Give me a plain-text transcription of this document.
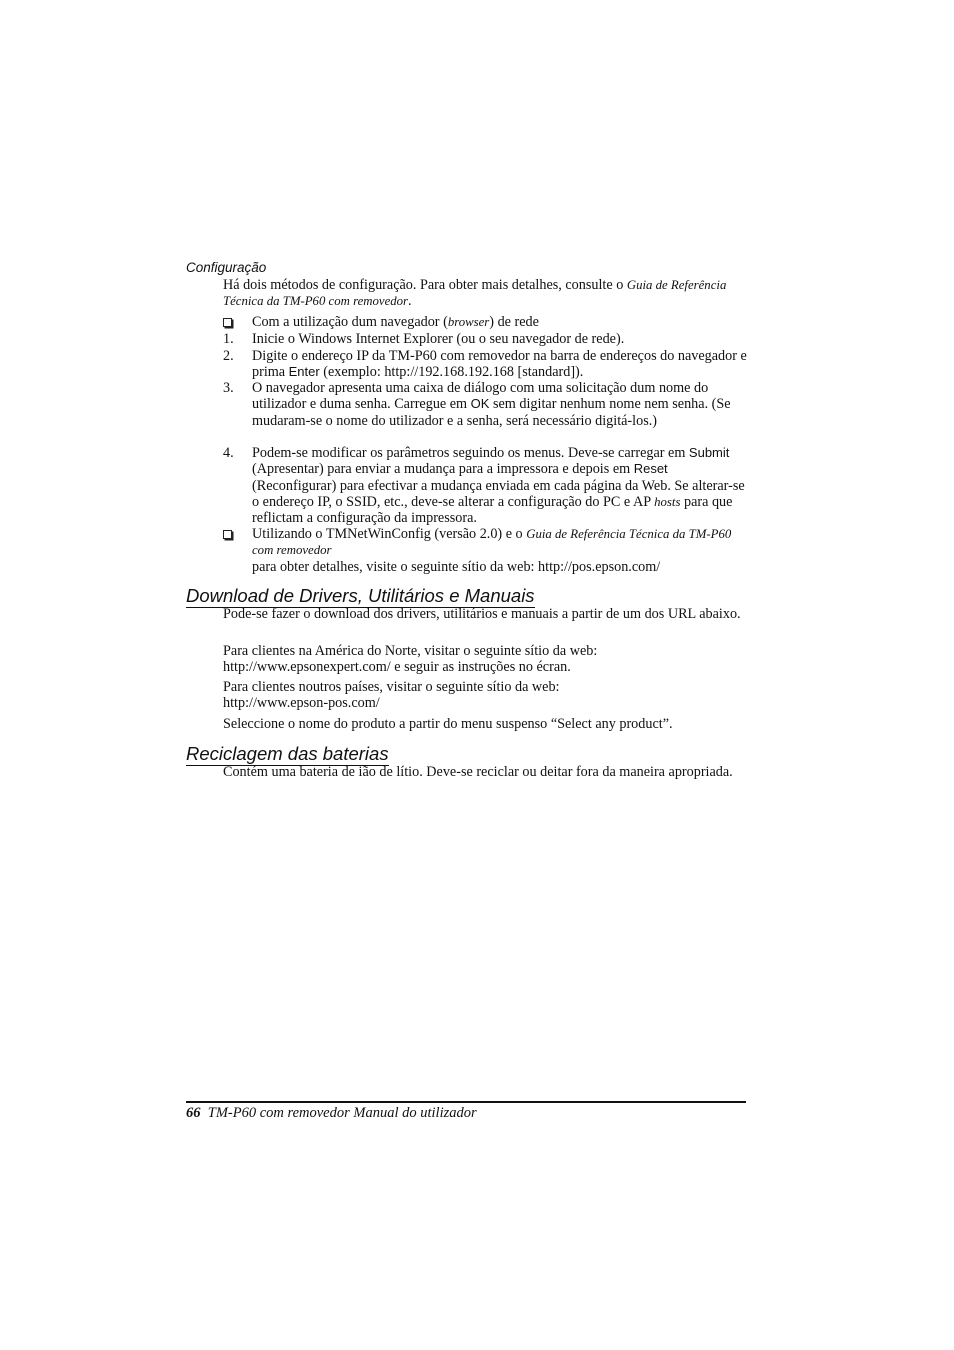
Configuração
Há dois métodos de configuração. Para obter mais detalhes, consulte o Guia de Referência Técnica da TM-P60 com removedor.
Com a utilização dum navegador (browser) de rede
1.	Inicie o Windows Internet Explorer (ou o seu navegador de rede).
2.	Digite o endereço IP da TM-P60 com removedor na barra de endereços do navegador e prima Enter (exemplo: http://192.168.192.168 [standard]).
3.	O navegador apresenta uma caixa de diálogo com uma solicitação dum nome do utilizador e duma senha. Carregue em OK sem digitar nenhum nome nem senha. (Se mudaram-se o nome do utilizador e a senha, será necessário digitá-los.)
4.	Podem-se modificar os parâmetros seguindo os menus. Deve-se carregar em Submit (Apresentar) para enviar a mudança para a impressora e depois em Reset (Reconfigurar) para efectivar a mudança enviada em cada página da Web. Se alterar-se o endereço IP, o SSID, etc., deve-se alterar a configuração do PC e AP hosts para que reflictam a configuração da impressora.
Utilizando o TMNetWinConfig (versão 2.0) e o Guia de Referência Técnica da TM-P60 com removedor
para obter detalhes, visite o seguinte sítio da web: http://pos.epson.com/
Download de Drivers, Utilitários e Manuais
Pode-se fazer o download dos drivers, utilitários e manuais a partir de um dos URL abaixo.
Para clientes na América do Norte, visitar o seguinte sítio da web:
http://www.epsonexpert.com/ e seguir as instruções no écran.
Para clientes noutros países, visitar o seguinte sítio da web:
http://www.epson-pos.com/
Seleccione o nome do produto a partir do menu suspenso “Select any product”.
Reciclagem das baterias
Contém uma bateria de ião de lítio. Deve-se reciclar ou deitar fora da maneira apropriada.
66 TM-P60 com removedor Manual do utilizador
